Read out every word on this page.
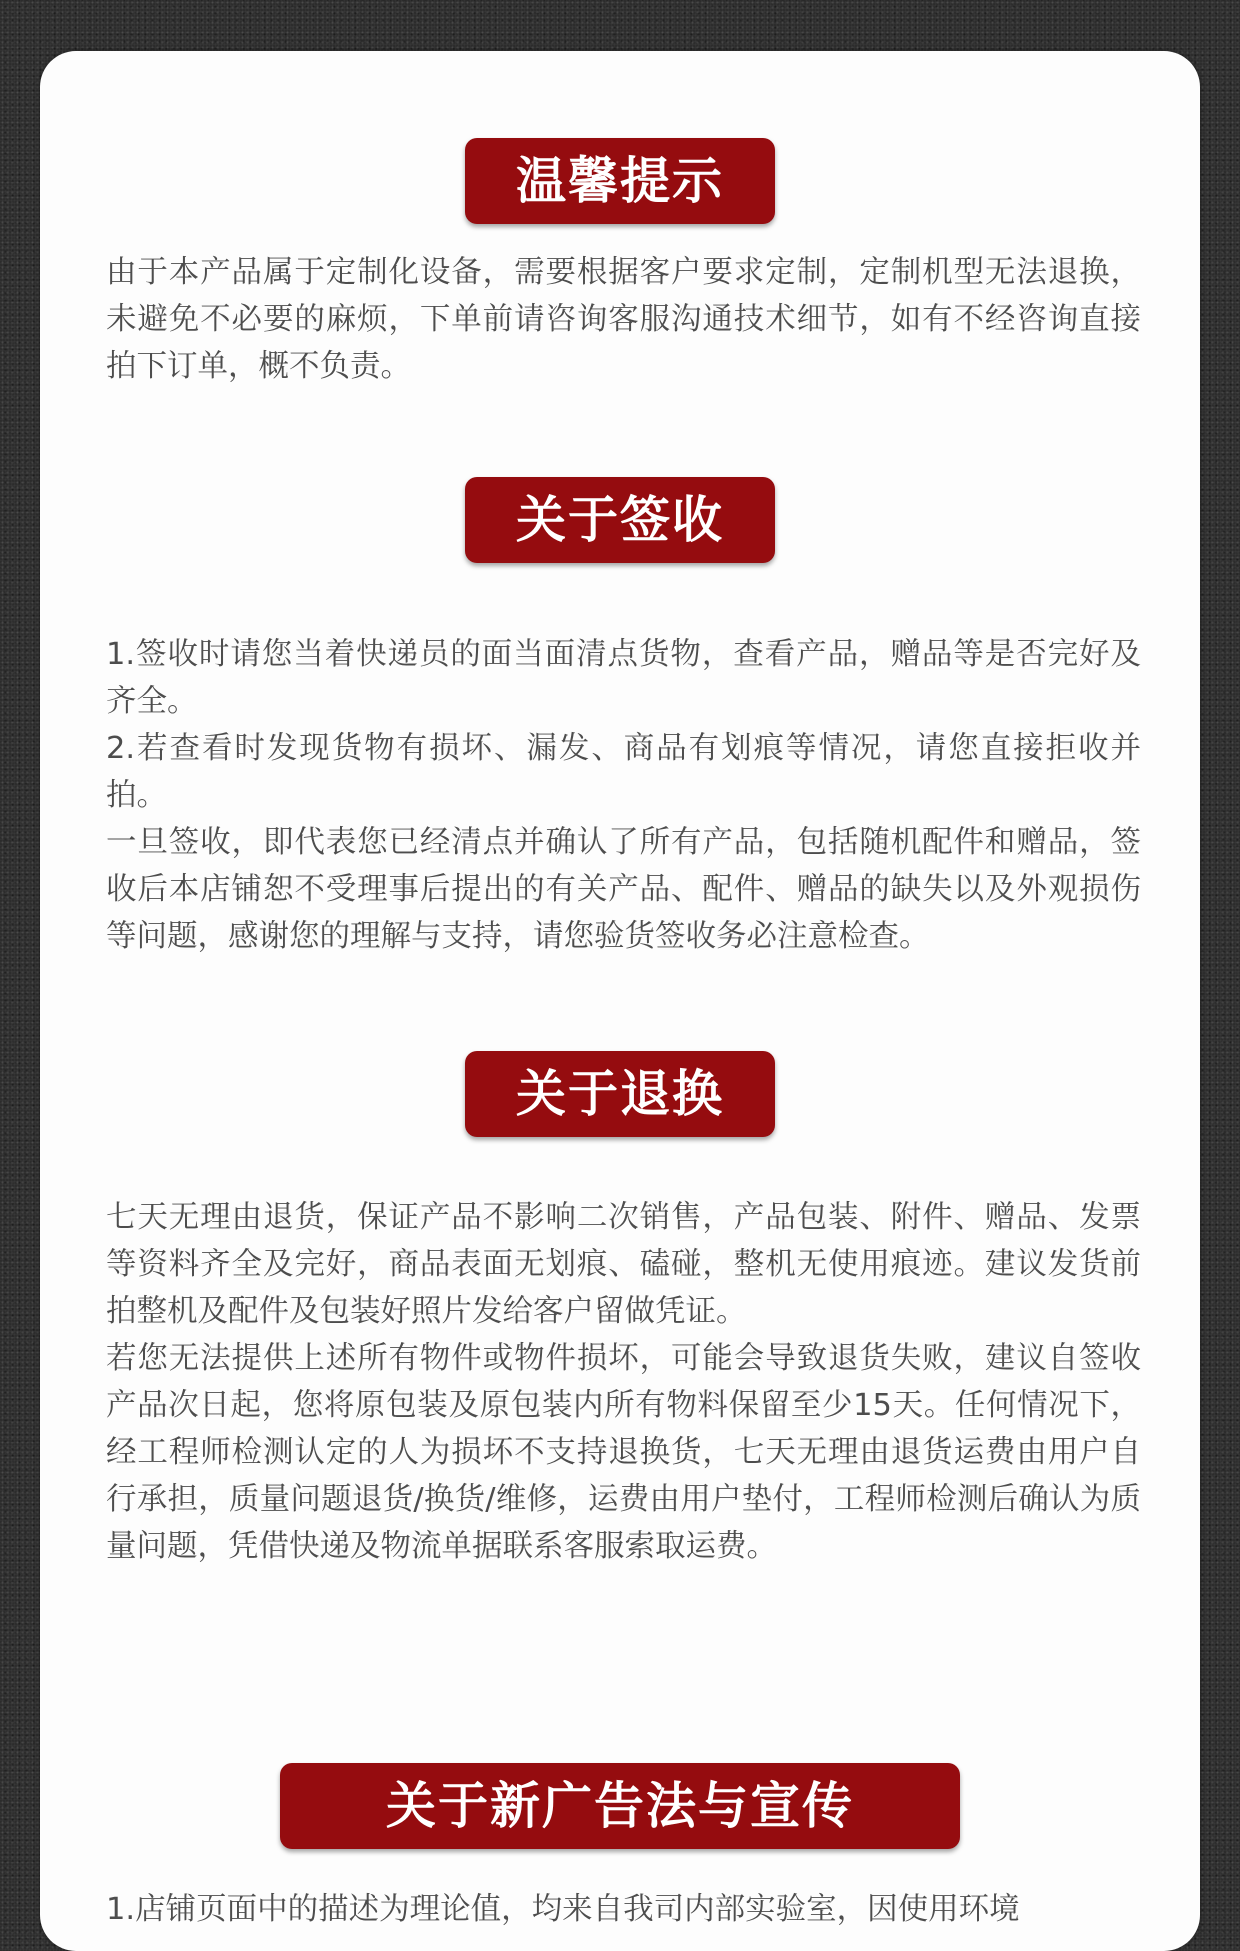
温馨提示

由于本产品属于定制化设备，需要根据客户要求定制，定制机型无法退换，未避免不必要的麻烦，下单前请咨询客服沟通技术细节，如有不经咨询直接拍下订单，概不负责。

关于签收

1.签收时请您当着快递员的面当面清点货物，查看产品，赠品等是否完好及齐全。

2.若查看时发现货物有损坏、漏发、商品有划痕等情况，请您直接拒收并拍。

一旦签收，即代表您已经清点并确认了所有产品，包括随机配件和赠品，签收后本店铺恕不受理事后提出的有关产品、配件、赠品的缺失以及外观损伤等问题，感谢您的理解与支持，请您验货签收务必注意检查。

关于退换

七天无理由退货，保证产品不影响二次销售，产品包装、附件、赠品、发票等资料齐全及完好，商品表面无划痕、磕碰，整机无使用痕迹。建议发货前拍整机及配件及包装好照片发给客户留做凭证。

若您无法提供上述所有物件或物件损坏，可能会导致退货失败，建议自签收产品次日起，您将原包装及原包装内所有物料保留至少15天。任何情况下，经工程师检测认定的人为损坏不支持退换货，七天无理由退货运费由用户自行承担，质量问题退货/换货/维修，运费由用户垫付，工程师检测后确认为质量问题，凭借快递及物流单据联系客服索取运费。

关于新广告法与宣传

1.店铺页面中的描述为理论值，均来自我司内部实验室，因使用环境
